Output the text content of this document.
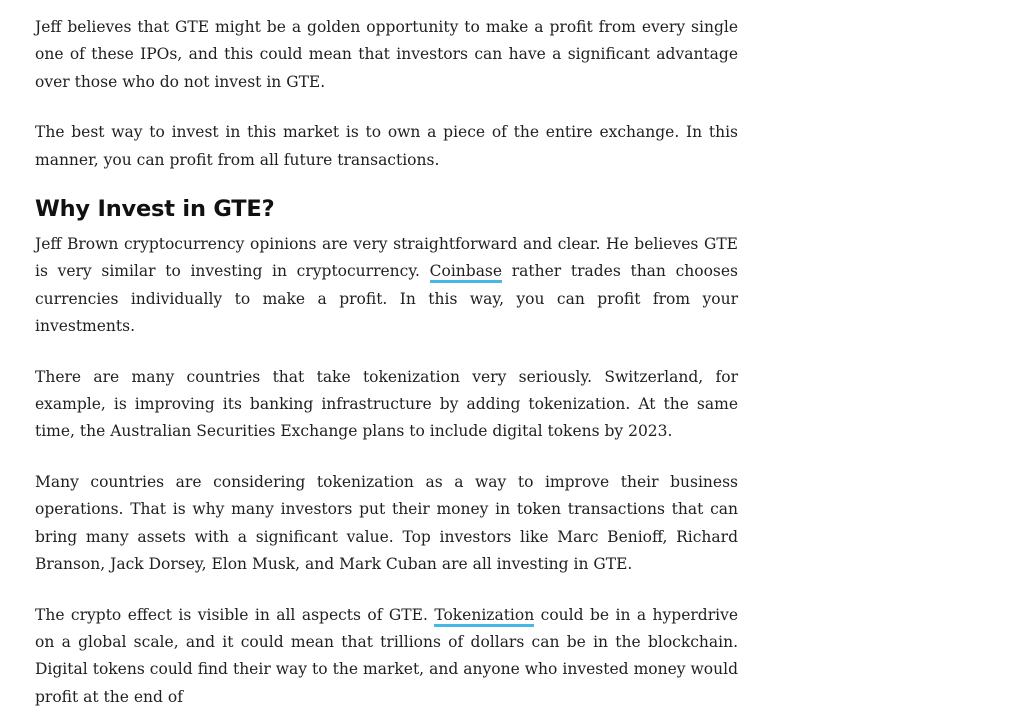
Jeff believes that GTE might be a golden opportunity to make a profit from every single one of these IPOs, and this could mean that investors can have a significant advantage over those who do not invest in GTE.

The best way to invest in this market is to own a piece of the entire exchange. In this manner, you can profit from all future transactions.

Why Invest in GTE?

Jeff Brown cryptocurrency opinions are very straightforward and clear. He believes GTE is very similar to investing in cryptocurrency. Coinbase rather trades than chooses currencies individually to make a profit. In this way, you can profit from your investments.

There are many countries that take tokenization very seriously. Switzerland, for example, is improving its banking infrastructure by adding tokenization. At the same time, the Australian Securities Exchange plans to include digital tokens by 2023.

Many countries are considering tokenization as a way to improve their business operations. That is why many investors put their money in token transactions that can bring many assets with a significant value. Top investors like Marc Benioff, Richard Branson, Jack Dorsey, Elon Musk, and Mark Cuban are all investing in GTE.

The crypto effect is visible in all aspects of GTE. Tokenization could be in a hyperdrive on a global scale, and it could mean that trillions of dollars can be in the blockchain. Digital tokens could find their way to the market, and anyone who invested money would profit at the end of
